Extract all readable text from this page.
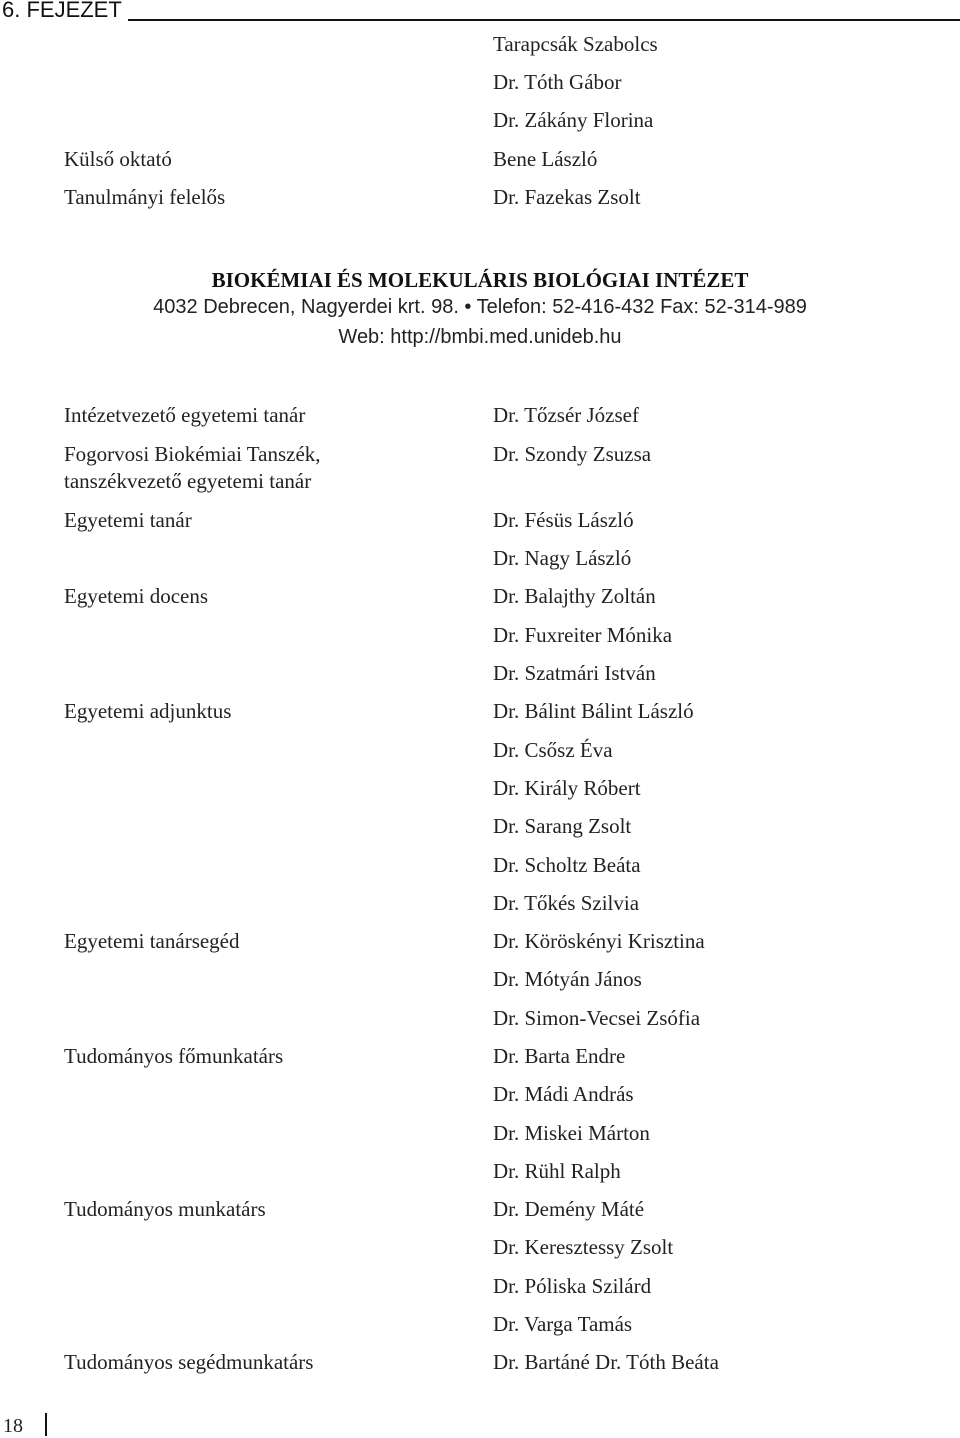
6. FEJEZET
Tarapcsák Szabolcs
Dr. Tóth Gábor
Dr. Zákány Florina
Külső oktató	Bene László
Tanulmányi felelős	Dr. Fazekas Zsolt
BIOKÉMIAI ÉS MOLEKULÁRIS BIOLÓGIAI INTÉZET
4032 Debrecen, Nagyerdei krt. 98. • Telefon: 52-416-432 Fax: 52-314-989
Web: http://bmbi.med.unideb.hu
Intézetvezető egyetemi tanár
Fogorvosi Biokémiai Tanszék,
tanszékvezető egyetemi tanár
Egyetemi tanár
Egyetemi docens
Egyetemi adjunktus
Egyetemi tanársegéd
Tudományos főmunkatárs
Tudományos munkatárs
Tudományos segédmunkatárs
Dr. Tőzsér József
Dr. Szondy Zsuzsa
Dr. Fésüs László
Dr. Nagy László
Dr. Balajthy Zoltán
Dr. Fuxreiter Mónika
Dr. Szatmári István
Dr. Bálint Bálint László
Dr. Csősz Éva
Dr. Király Róbert
Dr. Sarang Zsolt
Dr. Scholtz Beáta
Dr. Tőkés Szilvia
Dr. Köröskényi Krisztina
Dr. Mótyán János
Dr. Simon-Vecsei Zsófia
Dr. Barta Endre
Dr. Mádi András
Dr. Miskei Márton
Dr. Rühl Ralph
Dr. Demény Máté
Dr. Keresztessy Zsolt
Dr. Póliska Szilárd
Dr. Varga Tamás
Dr. Bartáné Dr. Tóth Beáta
18
